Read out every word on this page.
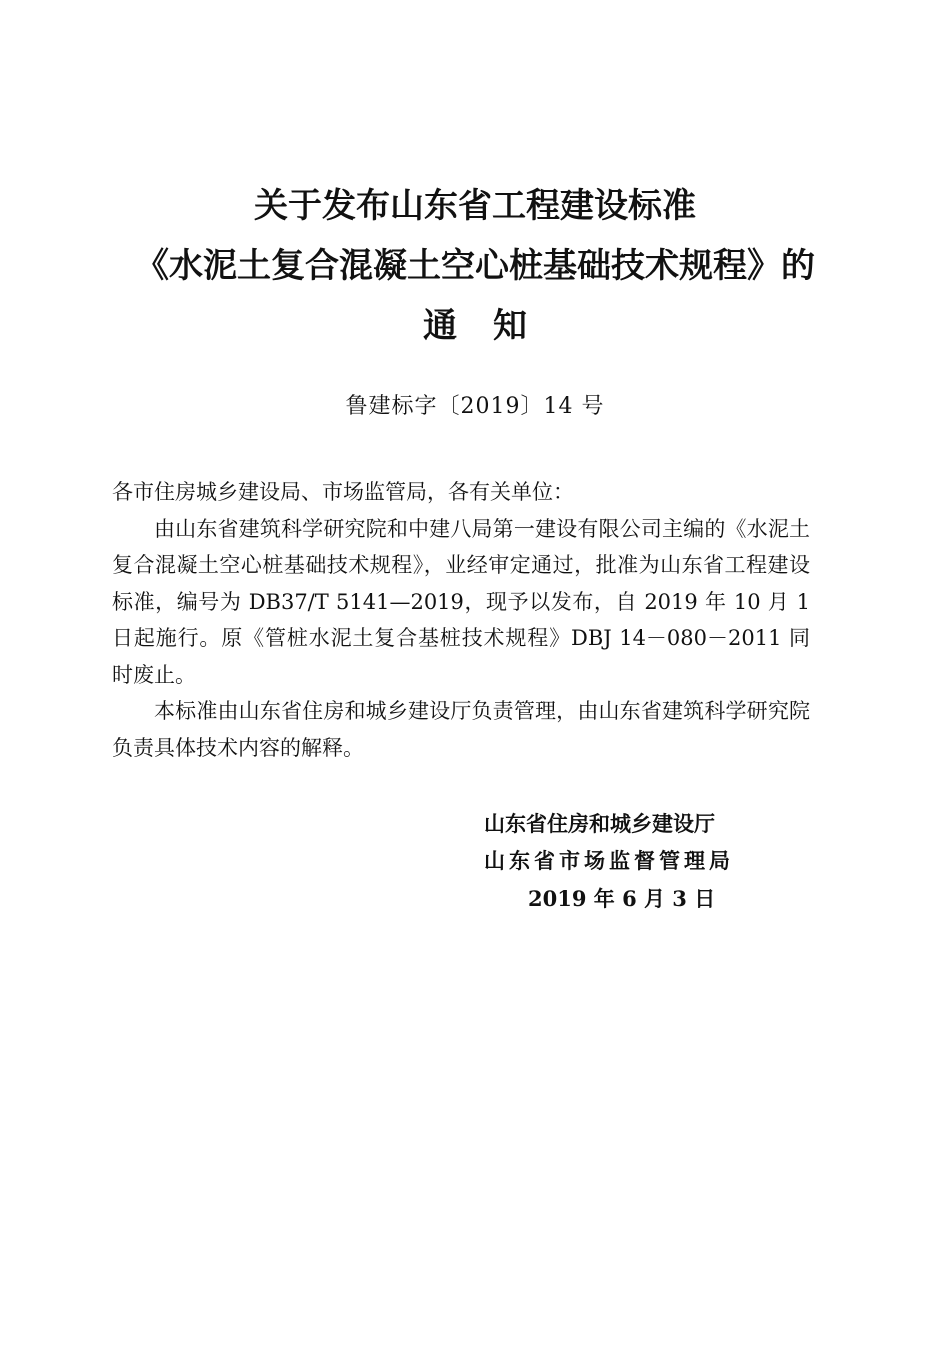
关于发布山东省工程建设标准
《水泥土复合混凝土空心桩基础技术规程》的
通知
鲁建标字〔2019〕14 号

各市住房城乡建设局、市场监管局，各有关单位：

由山东省建筑科学研究院和中建八局第一建设有限公司主编的《水泥土复合混凝土空心桩基础技术规程》，业经审定通过，批准为山东省工程建设标准，编号为 DB37/T 5141—2019，现予以发布，自 2019 年 10 月 1 日起施行。原《管桩水泥土复合基桩技术规程》DBJ 14－080－2011 同时废止。

本标准由山东省住房和城乡建设厅负责管理，由山东省建筑科学研究院负责具体技术内容的解释。

山东省住房和城乡建设厅
山东省市场监督管理局
2019 年 6 月 3 日
